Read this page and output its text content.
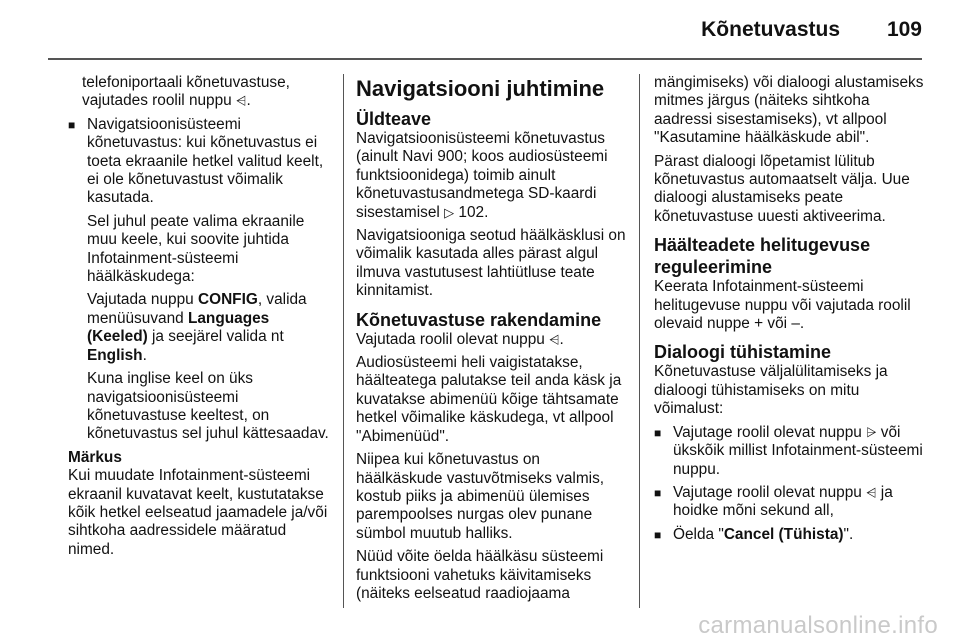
Kõnetuvastus 109

telefoniportaali kõnetuvastuse, vajutades roolil nuppu ⩤.

■ Navigatsioonisüsteemi kõnetuvastus: kui kõnetuvastus ei toeta ekraanile hetkel valitud keelt, ei ole kõnetuvastust võimalik kasutada.

Sel juhul peate valima ekraanile muu keele, kui soovite juhtida Infotainment-süsteemi häälkäskudega:

Vajutada nuppu CONFIG, valida menüüsuvand Languages (Keeled) ja seejärel valida nt English.

Kuna inglise keel on üks navigatsioonisüsteemi kõnetuvastuse keeltest, on kõnetuvastus sel juhul kättesaadav.

Märkus
Kui muudate Infotainment-süsteemi ekraanil kuvatavat keelt, kustutatakse kõik hetkel eelseatud jaamadele ja/või sihtkoha aadressidele määratud nimed.
Navigatsiooni juhtimine
Üldteave

Navigatsioonisüsteemi kõnetuvastus (ainult Navi 900; koos audiosüsteemi funktsioonidega) toimib ainult kõnetuvastusandmetega SD-kaardi sisestamisel ▷ 102.

Navigatsiooniga seotud häälkäsklusi on võimalik kasutada alles pärast algul ilmuva vastutusest lahtiütluse teate kinnitamist.

Kõnetuvastuse rakendamine

Vajutada roolil olevat nuppu ⩤.

Audiosüsteemi heli vaigistatakse, häälteatega palutakse teil anda käsk ja kuvatakse abimenüü kõige tähtsamate hetkel võimalike käskudega, vt allpool "Abimenüüd".

Niipea kui kõnetuvastus on häälkäskude vastuvõtmiseks valmis, kostub piiks ja abimenüü ülemises parempoolses nurgas olev punane sümbol muutub halliks.

Nüüd võite öelda häälkäsu süsteemi funktsiooni vahetuks käivitamiseks (näiteks eelseatud raadiojaama

mängimiseks) või dialoogi alustamiseks mitmes järgus (näiteks sihtkoha aadressi sisestamiseks), vt allpool "Kasutamine häälkäskude abil".

Pärast dialoogi lõpetamist lülitub kõnetuvastus automaatselt välja. Uue dialoogi alustamiseks peate kõnetuvastuse uuesti aktiveerima.

Häälteadete helitugevuse reguleerimine

Keerata Infotainment-süsteemi helitugevuse nuppu või vajutada roolil olevaid nuppe + või –.

Dialoogi tühistamine

Kõnetuvastuse väljalülitamiseks ja dialoogi tühistamiseks on mitu võimalust:

■ Vajutage roolil olevat nuppu ⩥ või ükskõik millist Infotainment-süsteemi nuppu.
■ Vajutage roolil olevat nuppu ⩤ ja hoidke mõni sekund all,
■ Öelda "Cancel (Tühista)".
carmanualsonline.info
